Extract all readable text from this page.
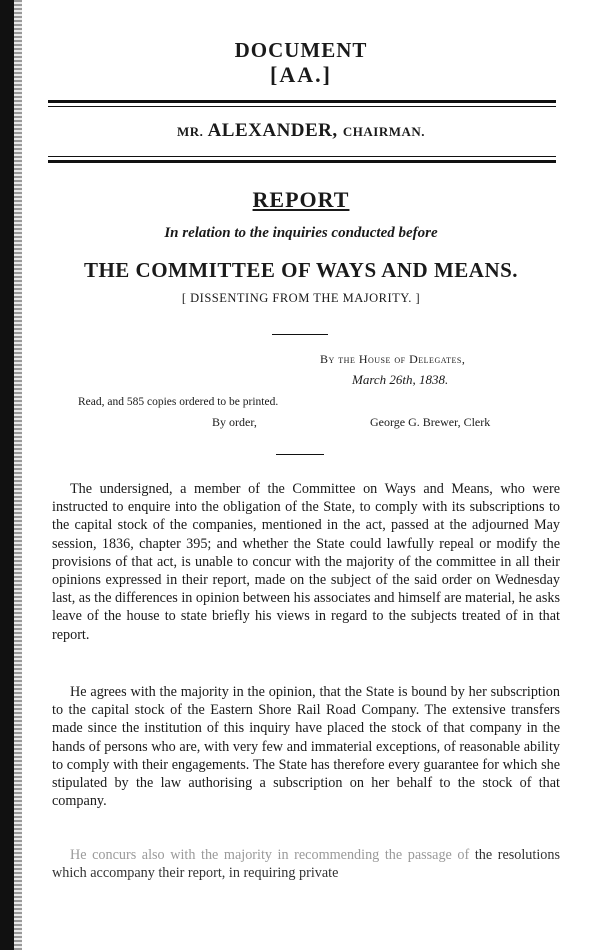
DOCUMENT
[AA.]
MR. ALEXANDER, CHAIRMAN.
REPORT
In relation to the inquiries conducted before
THE COMMITTEE OF WAYS AND MEANS.
[ DISSENTING FROM THE MAJORITY. ]
By the House of Delegates,
March 26th, 1838.
Read, and 585 copies ordered to be printed.
By order,	George G. Brewer, Clerk

The undersigned, a member of the Committee on Ways and Means, who were instructed to enquire into the obligation of the State, to comply with its subscriptions to the capital stock of the companies, mentioned in the act, passed at the adjourned May session, 1836, chapter 395; and whether the State could lawfully repeal or modify the provisions of that act, is unable to concur with the majority of the committee in all their opinions expressed in their report, made on the subject of the said order on Wednesday last, as the differences in opinion between his associates and himself are material, he asks leave of the house to state briefly his views in regard to the subjects treated of in that report.

He agrees with the majority in the opinion, that the State is bound by her subscription to the capital stock of the Eastern Shore Rail Road Company. The extensive transfers made since the institution of this inquiry have placed the stock of that company in the hands of persons who are, with very few and immaterial exceptions, of reasonable ability to comply with their engagements. The State has therefore every guarantee for which she stipulated by the law authorising a subscription on her behalf to the stock of that company.

He concurs also with the majority in recommending the passage of the resolutions which accompany their report, in requiring private
